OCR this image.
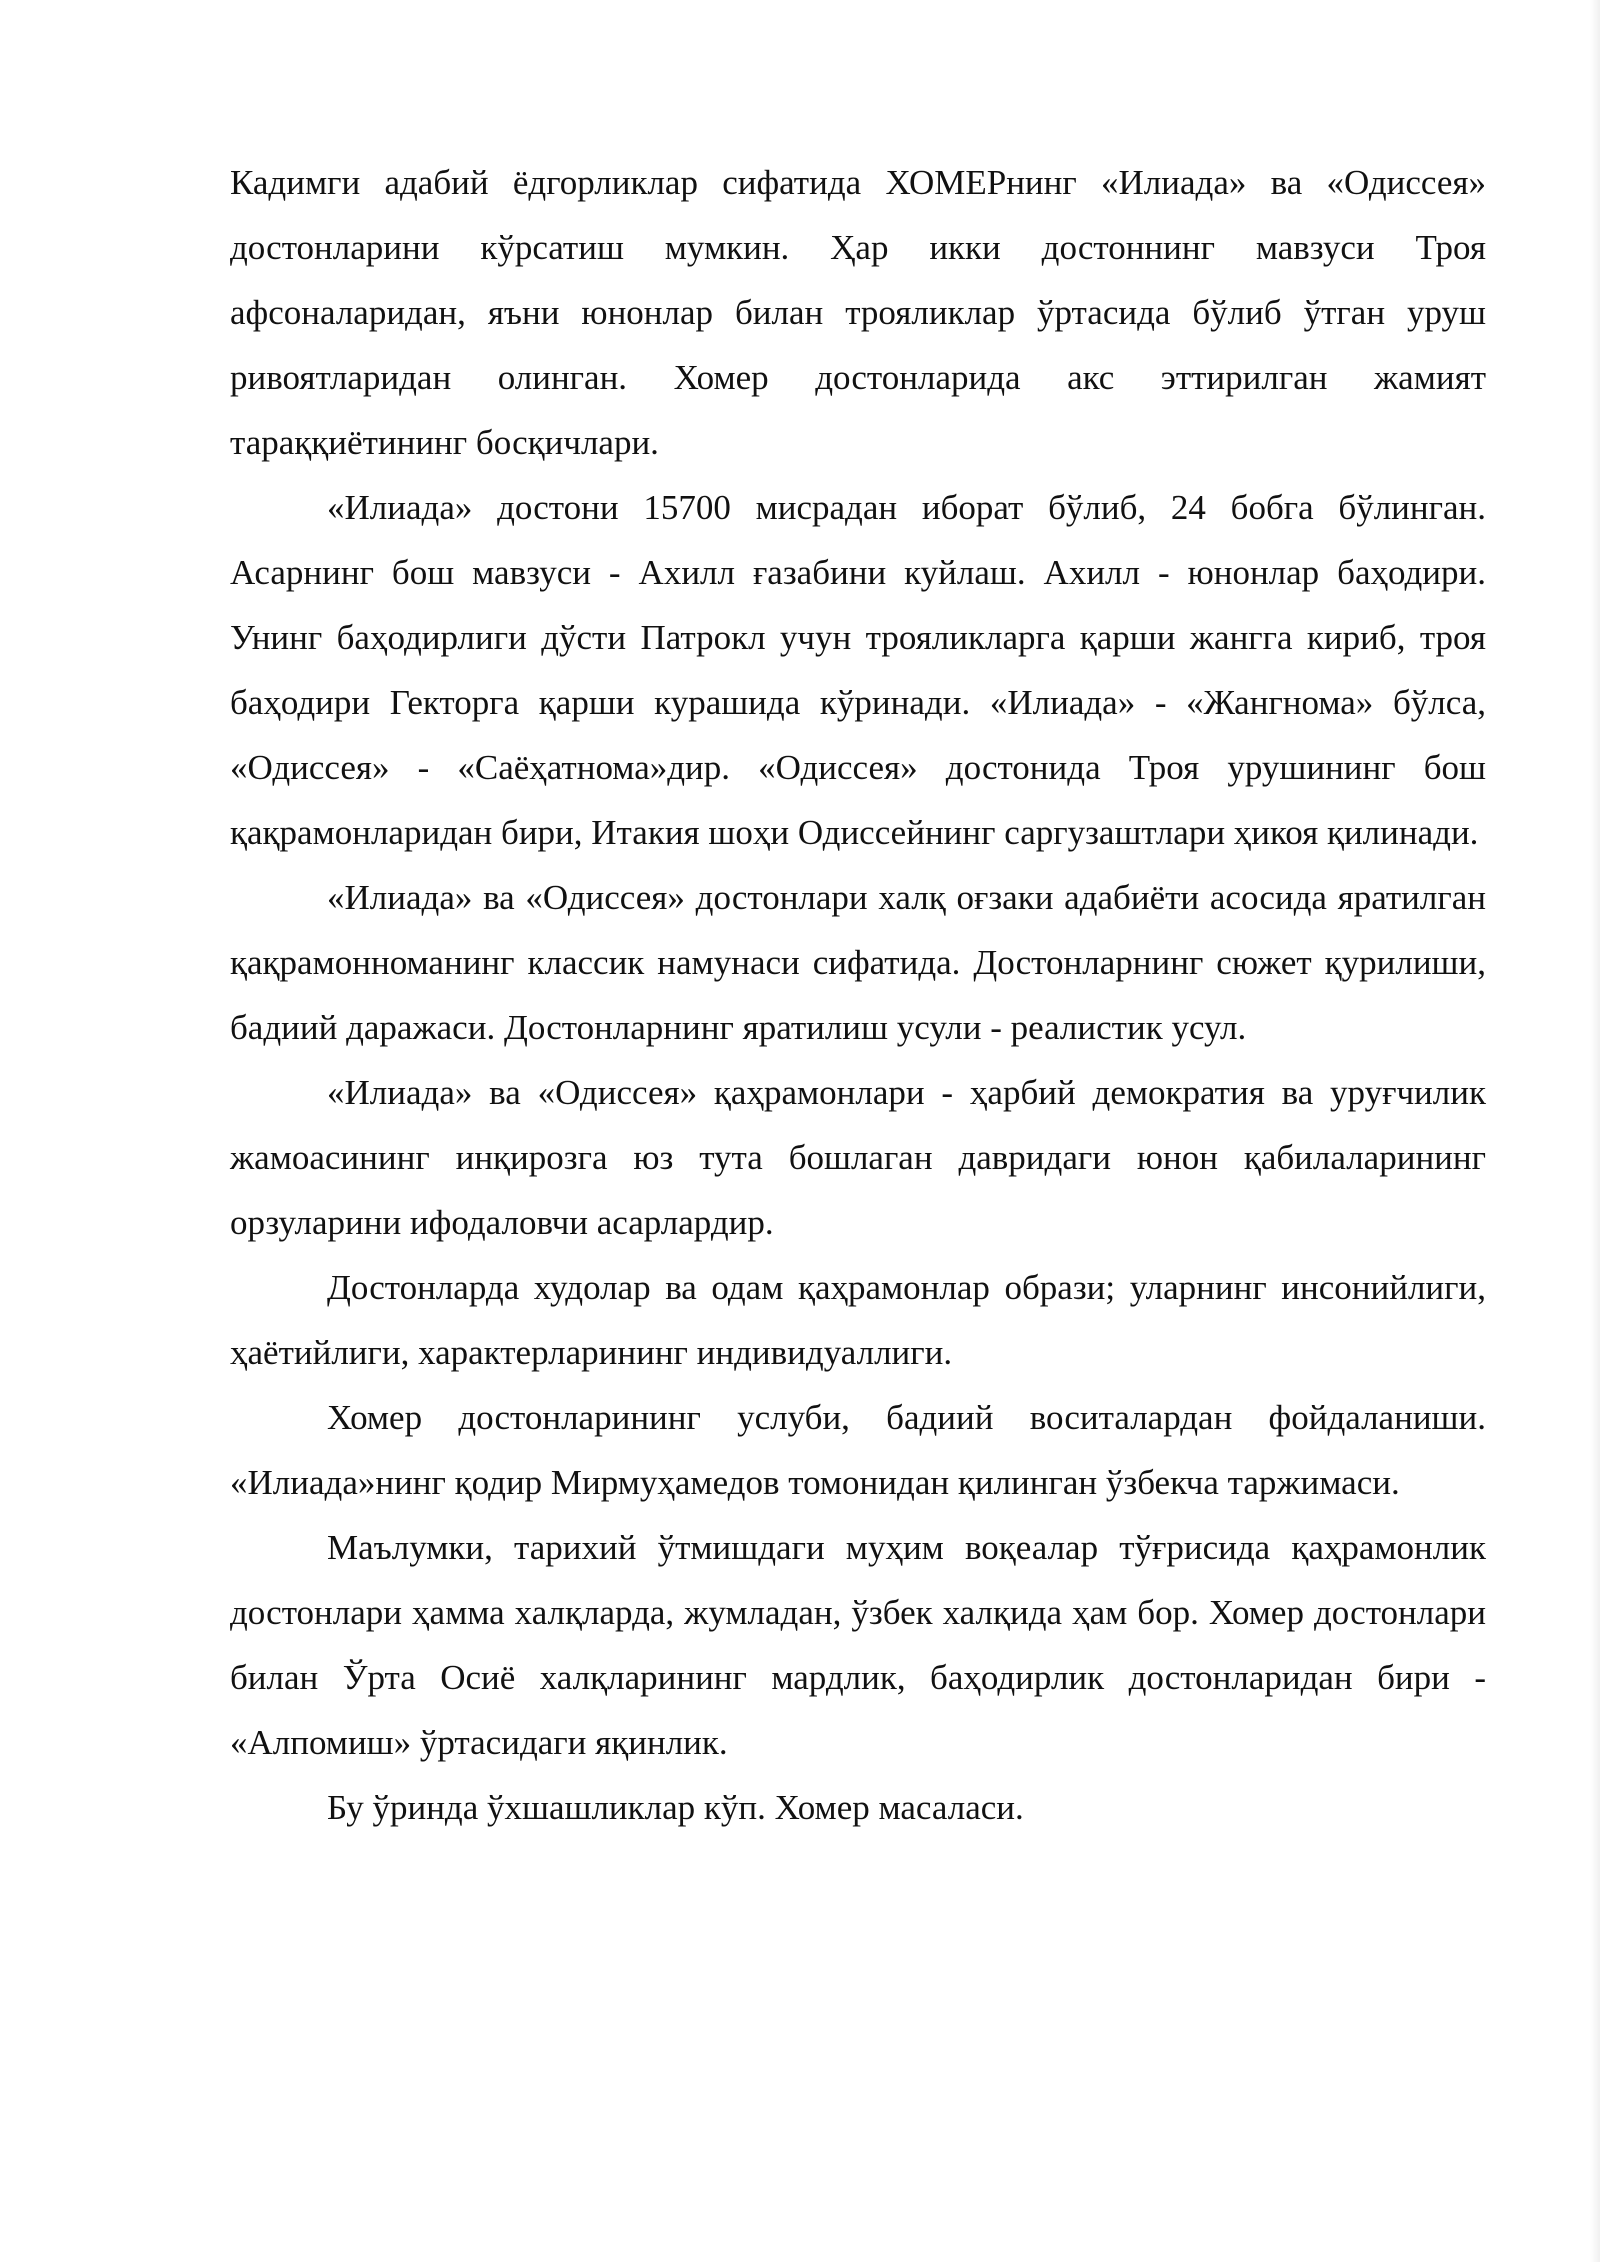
Кадимги адабий ёдгорликлар сифатида ХОМЕРнинг «Илиада» ва «Одиссея» достонларини кўрсатиш мумкин. Ҳар икки достоннинг мавзуси Троя афсоналаридан, яъни юнонлар билан трояликлар ўртасида бўлиб ўтган уруш ривоятларидан олинган. Хомер достонларида акс эттирилган жамият тараққиётининг босқичлари.

«Илиада» достони 15700 мисрадан иборат бўлиб, 24 бобга бўлинган. Асарнинг бош мавзуси - Ахилл ғазабини куйлаш. Ахилл - юнонлар баҳодири. Унинг баҳодирлиги дўсти Патрокл учун трояликларга қарши жангга кириб, троя баҳодири Гекторга қарши курашида кўринади. «Илиада» - «Жангнома» бўлса, «Одиссея» - «Саёҳатнома»дир. «Одиссея» достонида Троя урушининг бош қақрамонларидан бири, Итакия шоҳи Одиссейнинг саргузаштлари ҳикоя қилинади.

«Илиада» ва «Одиссея» достонлари халқ оғзаки адабиёти асосида яратилган қақрамонноманинг классик намунаси сифатида. Достонларнинг сюжет қурилиши, бадиий даражаси. Достонларнинг яратилиш усули - реалистик усул.

«Илиада» ва «Одиссея» қаҳрамонлари - ҳарбий демократия ва уруғчилик жамоасининг инқирозга юз тута бошлаган давридаги юнон қабилаларининг орзуларини ифодаловчи асарлардир.

Достонларда худолар ва одам қаҳрамонлар образи; уларнинг инсонийлиги, ҳаётийлиги, характерларининг индивидуаллиги.

Хомер достонларининг услуби, бадиий воситалардан фойдаланиши. «Илиада»нинг қодир Мирмуҳамедов томонидан қилинган ўзбекча таржимаси.

Маълумки, тарихий ўтмишдаги муҳим воқеалар тўғрисида қаҳрамонлик достонлари ҳамма халқларда, жумладан, ўзбек халқида ҳам бор. Хомер достонлари билан Ўрта Осиё халқларининг мардлик, баҳодирлик достонларидан бири - «Алпомиш» ўртасидаги яқинлик.

Бу ўринда ўхшашликлар кўп. Хомер масаласи.
